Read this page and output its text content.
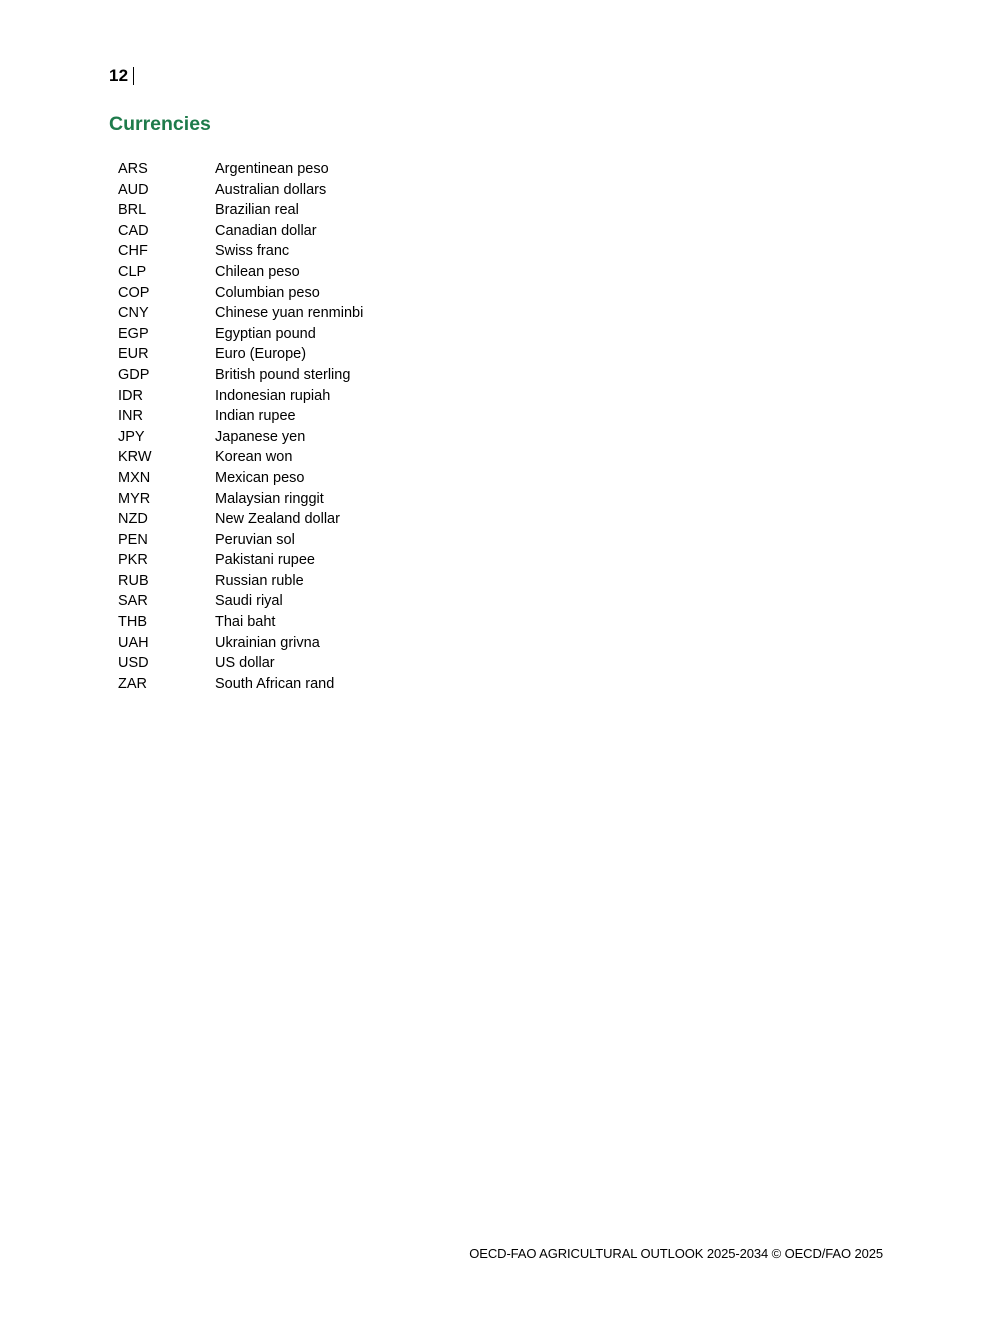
12
Currencies
ARS	Argentinean peso
AUD	Australian dollars
BRL	Brazilian real
CAD	Canadian dollar
CHF	Swiss franc
CLP	Chilean peso
COP	Columbian peso
CNY	Chinese yuan renminbi
EGP	Egyptian pound
EUR	Euro (Europe)
GDP	British pound sterling
IDR	Indonesian rupiah
INR	Indian rupee
JPY	Japanese yen
KRW	Korean won
MXN	Mexican peso
MYR	Malaysian ringgit
NZD	New Zealand dollar
PEN	Peruvian sol
PKR	Pakistani rupee
RUB	Russian ruble
SAR	Saudi riyal
THB	Thai baht
UAH	Ukrainian grivna
USD	US dollar
ZAR	South African rand
OECD-FAO AGRICULTURAL OUTLOOK 2025-2034 © OECD/FAO 2025
